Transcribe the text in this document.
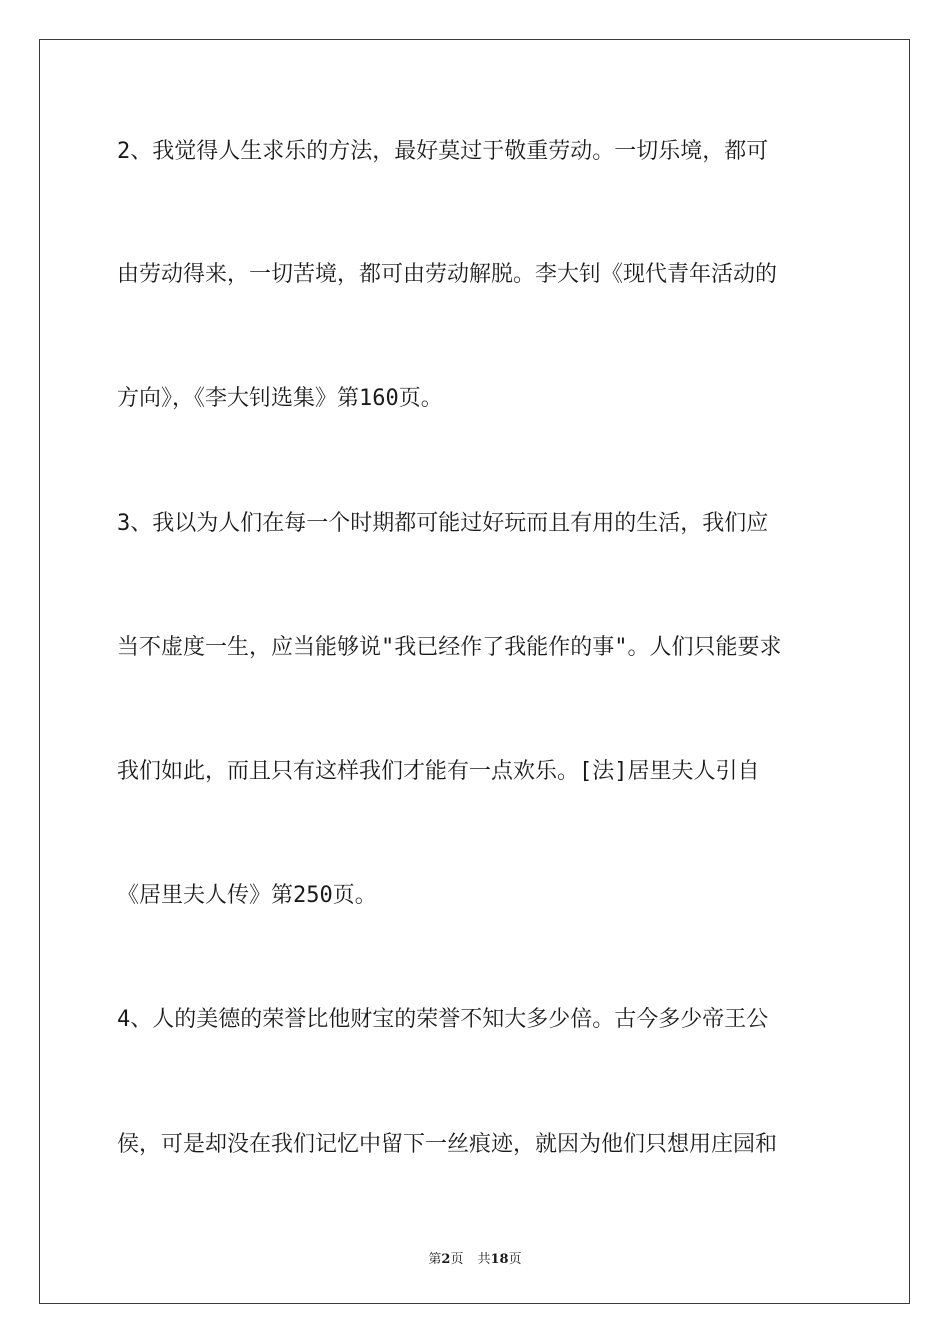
2、我觉得人生求乐的方法，最好莫过于敬重劳动。一切乐境，都可
由劳动得来，一切苦境，都可由劳动解脱。李大钊《现代青年活动的
方向》，《李大钊选集》第160页。
3、我以为人们在每一个时期都可能过好玩而且有用的生活，我们应
当不虚度一生，应当能够说"我已经作了我能作的事"。人们只能要求
我们如此，而且只有这样我们才能有一点欢乐。[法]居里夫人引自
《居里夫人传》第250页。
4、人的美德的荣誉比他财宝的荣誉不知大多少倍。古今多少帝王公
侯，可是却没在我们记忆中留下一丝痕迹，就因为他们只想用庄园和
第2页 共18页
